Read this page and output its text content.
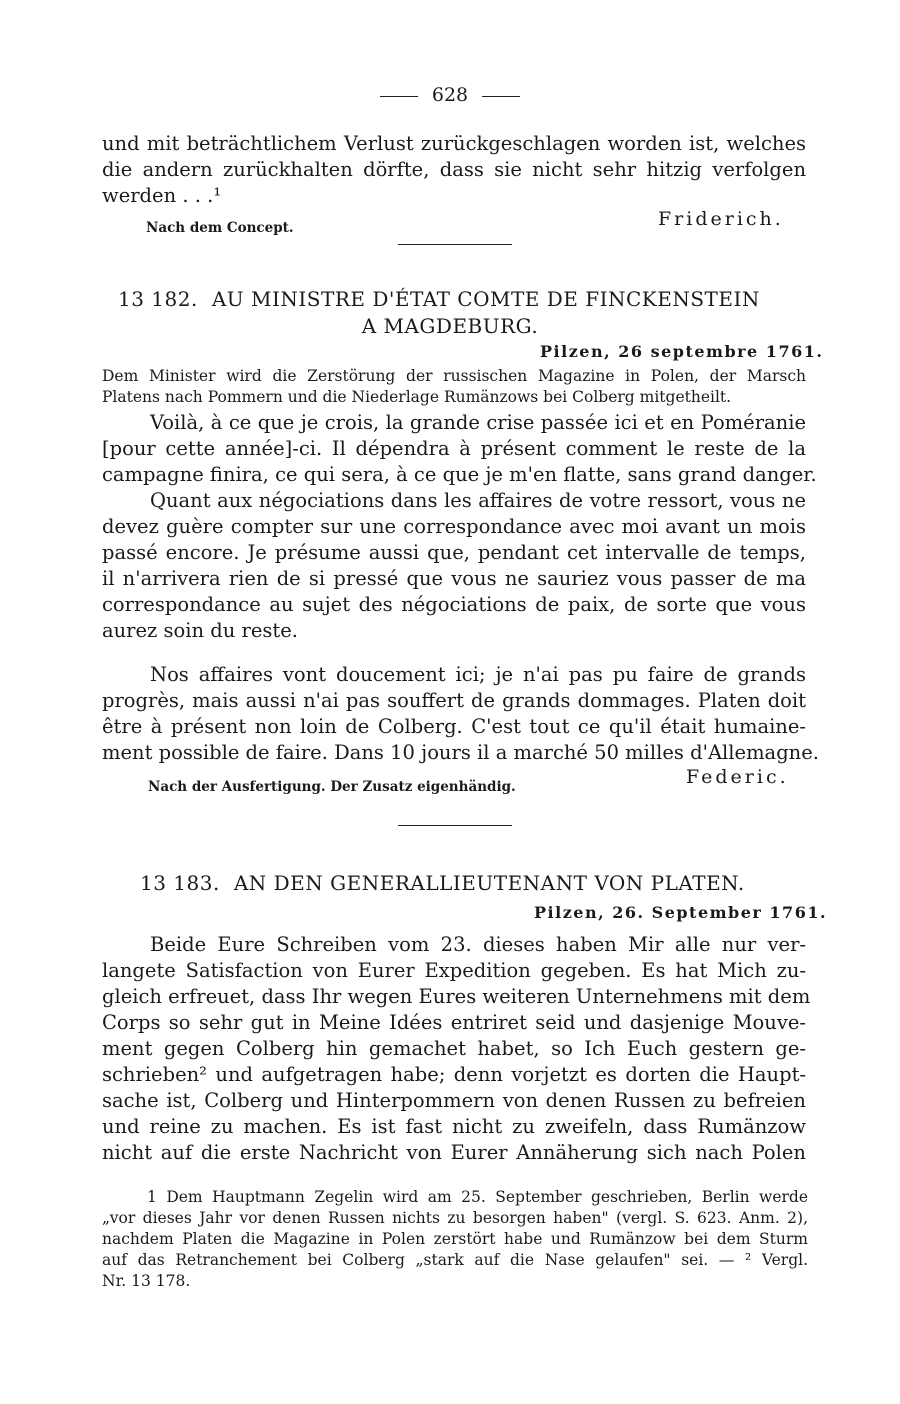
628
und mit beträchtlichem Verlust zurückgeschlagen worden ist, welches
die andern zurückhalten dörfte, dass sie nicht sehr hitzig verfolgen
werden . . .¹
Nach dem Concept.	Friderich.
13 182. AU MINISTRE D'ÉTAT COMTE DE FINCKENSTEIN
A MAGDEBURG.
Pilzen, 26 septembre 1761.
Dem Minister wird die Zerstörung der russischen Magazine in Polen, der Marsch
Platens nach Pommern und die Niederlage Rumänzows bei Colberg mitgetheilt.
Voilà, à ce que je crois, la grande crise passée ici et en Poméranie
[pour cette année]-ci. Il dépendra à présent comment le reste de la
campagne finira, ce qui sera, à ce que je m'en flatte, sans grand danger.
Quant aux négociations dans les affaires de votre ressort, vous ne
devez guère compter sur une correspondance avec moi avant un mois
passé encore. Je présume aussi que, pendant cet intervalle de temps,
il n'arrivera rien de si pressé que vous ne sauriez vous passer de ma
correspondance au sujet des négociations de paix, de sorte que vous
aurez soin du reste.
Nos affaires vont doucement ici; je n'ai pas pu faire de grands
progrès, mais aussi n'ai pas souffert de grands dommages. Platen doit
être à présent non loin de Colberg. C'est tout ce qu'il était humaine-
ment possible de faire. Dans 10 jours il a marché 50 milles d'Allemagne.
Nach der Ausfertigung. Der Zusatz eigenhändig.	Federic.
13 183. AN DEN GENERALLIEUTENANT VON PLATEN.
Pilzen, 26. September 1761.
Beide Eure Schreiben vom 23. dieses haben Mir alle nur ver-
langete Satisfaction von Eurer Expedition gegeben. Es hat Mich zu-
gleich erfreuet, dass Ihr wegen Eures weiteren Unternehmens mit dem
Corps so sehr gut in Meine Idées entriret seid und dasjenige Mouve-
ment gegen Colberg hin gemachet habet, so Ich Euch gestern ge-
schrieben² und aufgetragen habe; denn vorjetzt es dorten die Haupt-
sache ist, Colberg und Hinterpommern von denen Russen zu befreien
und reine zu machen. Es ist fast nicht zu zweifeln, dass Rumänzow
nicht auf die erste Nachricht von Eurer Annäherung sich nach Polen
1 Dem Hauptmann Zegelin wird am 25. September geschrieben, Berlin werde
„vor dieses Jahr vor denen Russen nichts zu besorgen haben" (vergl. S. 623. Anm. 2),
nachdem Platen die Magazine in Polen zerstört habe und Rumänzow bei dem Sturm
auf das Retranchement bei Colberg „stark auf die Nase gelaufen" sei. — ² Vergl.
Nr. 13 178.
